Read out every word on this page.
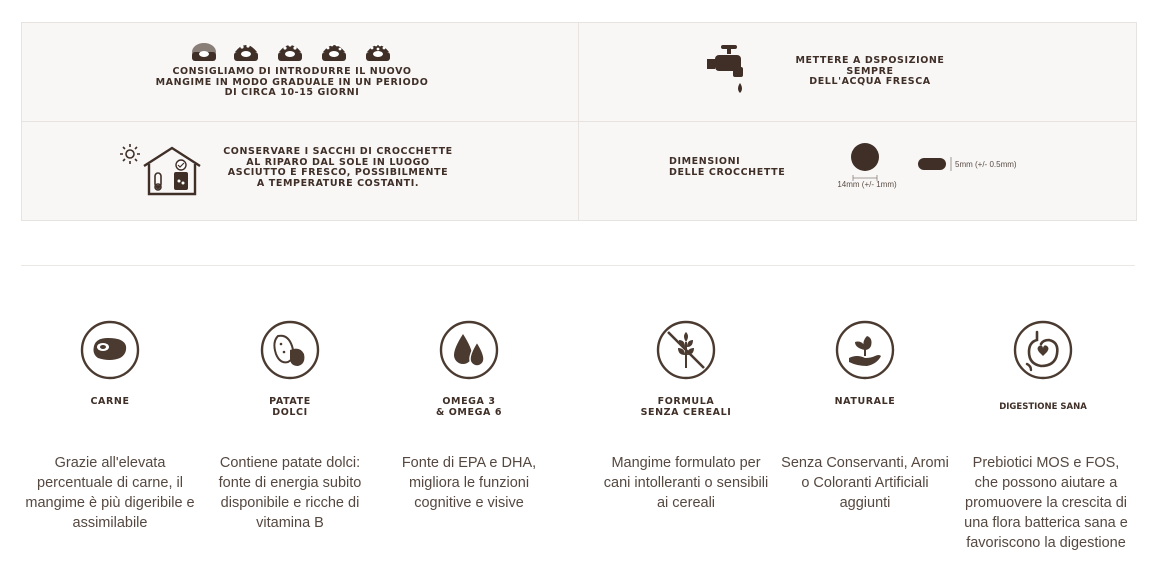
CONSIGLIAMO DI INTRODURRE IL NUOVO
MANGIME IN MODO GRADUALE IN UN PERIODO
DI CIRCA 10-15 GIORNI
METTERE A DSPOSIZIONE SEMPRE
DELL'ACQUA FRESCA
CONSERVARE I SACCHI DI CROCCHETTE
AL RIPARO DAL SOLE IN LUOGO
ASCIUTTO E FRESCO, POSSIBILMENTE
A TEMPERATURE COSTANTI.
DIMENSIONI
DELLE CROCCHETTE
14mm (+/- 1mm)
5mm (+/- 0.5mm)
CARNE
Grazie all'elevata percentuale di carne, il mangime è più digeribile e assimilabile
PATATE
DOLCI
Contiene patate dolci: fonte di energia subito disponibile e ricche di vitamina B
OMEGA 3
& OMEGA 6
Fonte di EPA e DHA, migliora le funzioni cognitive e visive
FORMULA
SENZA CEREALI
Mangime formulato per cani intolleranti o sensibili ai cereali
NATURALE
Senza Conservanti, Aromi o Coloranti Artificiali aggiunti
DIGESTIONE SANA
Prebiotici MOS e FOS, che possono aiutare a promuovere la crescita di una flora batterica sana e favoriscono la digestione
